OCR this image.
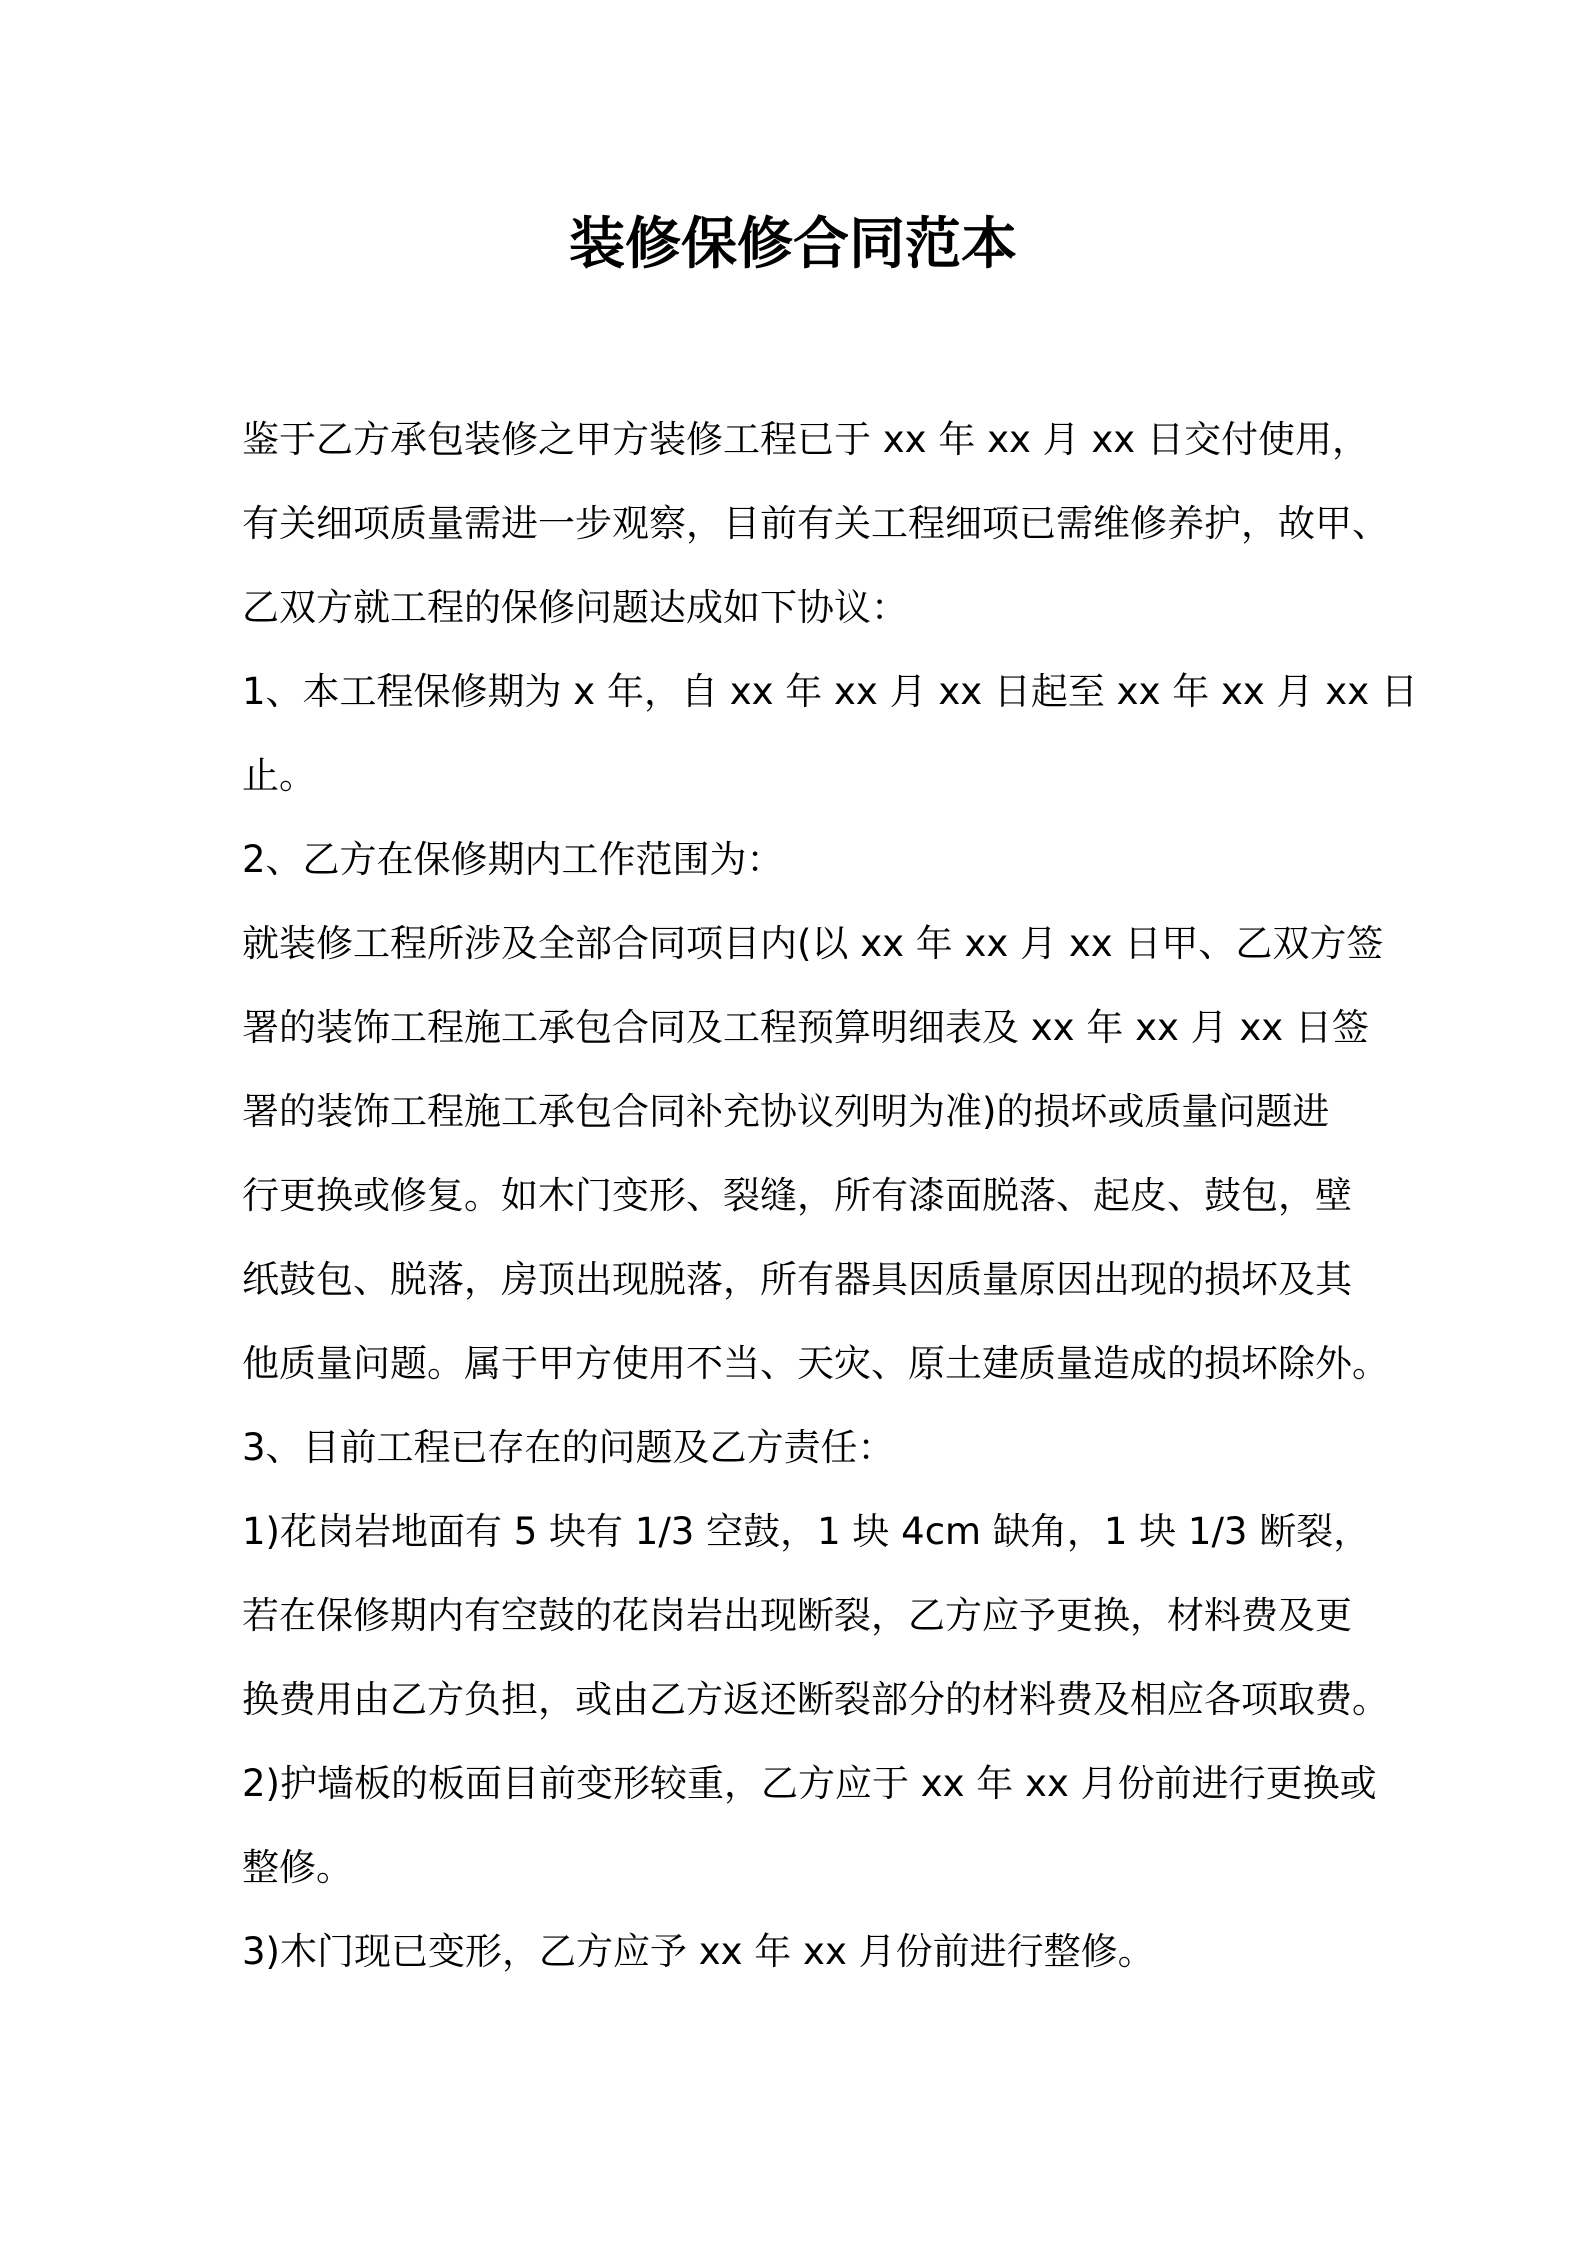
装修保修合同范本
鉴于乙方承包装修之甲方装修工程已于 xx 年 xx 月 xx 日交付使用，
有关细项质量需进一步观察，目前有关工程细项已需维修养护，故甲、
乙双方就工程的保修问题达成如下协议：
1、本工程保修期为 x 年，自 xx 年 xx 月 xx 日起至 xx 年 xx 月 xx 日
止。
2、乙方在保修期内工作范围为：
就装修工程所涉及全部合同项目内(以 xx 年 xx 月 xx 日甲、乙双方签
署的装饰工程施工承包合同及工程预算明细表及 xx 年 xx 月 xx 日签
署的装饰工程施工承包合同补充协议列明为准)的损坏或质量问题进
行更换或修复。如木门变形、裂缝，所有漆面脱落、起皮、鼓包，壁
纸鼓包、脱落，房顶出现脱落，所有器具因质量原因出现的损坏及其
他质量问题。属于甲方使用不当、天灾、原土建质量造成的损坏除外。
3、目前工程已存在的问题及乙方责任：
1)花岗岩地面有 5 块有 1/3 空鼓，1 块 4cm 缺角，1 块 1/3 断裂，
若在保修期内有空鼓的花岗岩出现断裂，乙方应予更换，材料费及更
换费用由乙方负担，或由乙方返还断裂部分的材料费及相应各项取费。
2)护墙板的板面目前变形较重，乙方应于 xx 年 xx 月份前进行更换或
整修。
3)木门现已变形，乙方应予 xx 年 xx 月份前进行整修。
